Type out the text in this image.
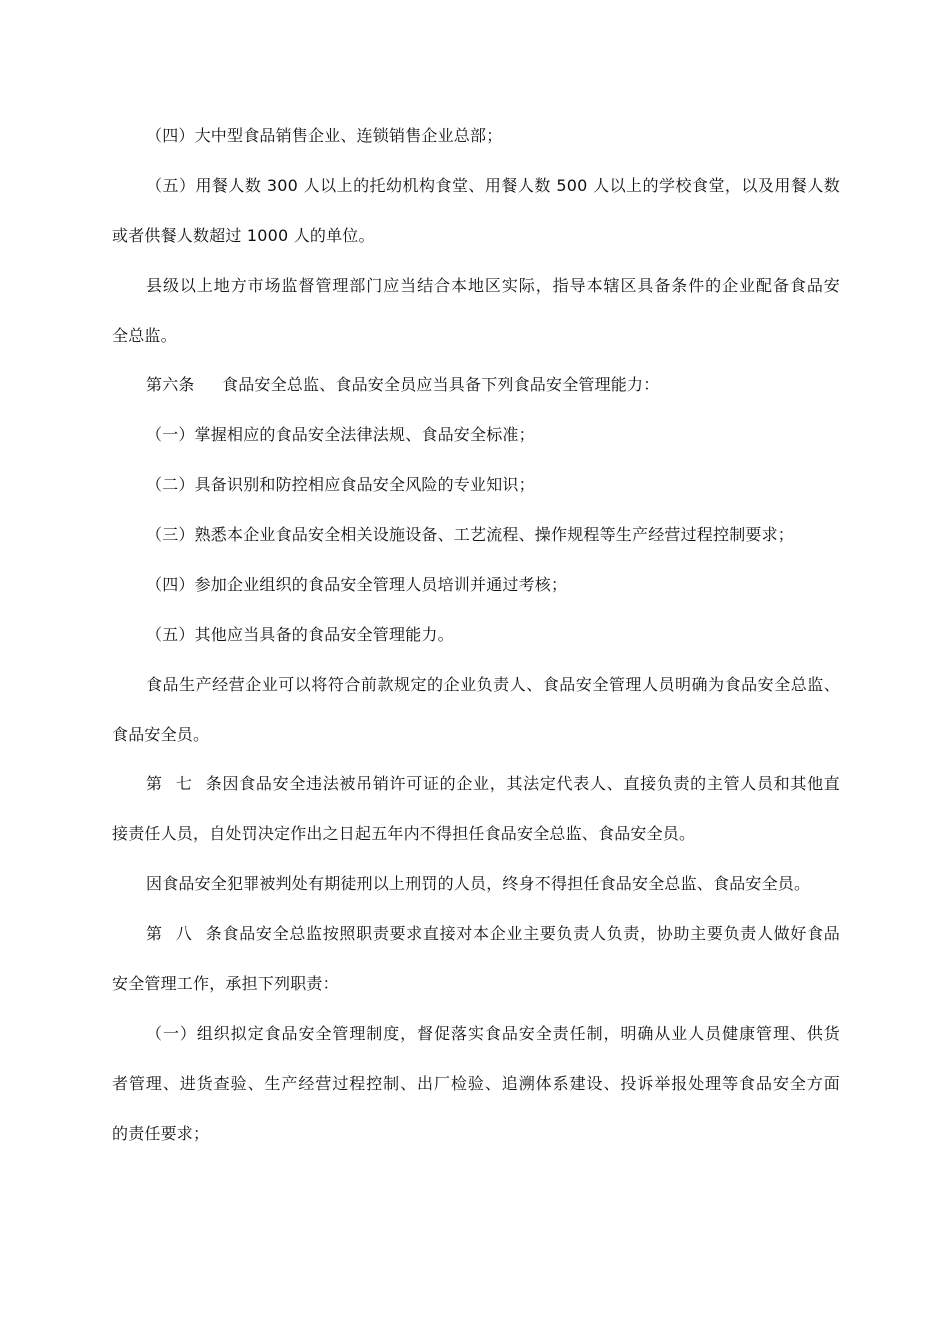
（四）大中型食品销售企业、连锁销售企业总部；
（五）用餐人数 300 人以上的托幼机构食堂、用餐人数 500 人以上的学校食堂，以及用餐人数
或者供餐人数超过 1000 人的单位。
县级以上地方市场监督管理部门应当结合本地区实际，指导本辖区具备条件的企业配备食品安
全总监。
第六条 食品安全总监、食品安全员应当具备下列食品安全管理能力：
（一）掌握相应的食品安全法律法规、食品安全标准；
（二）具备识别和防控相应食品安全风险的专业知识；
（三）熟悉本企业食品安全相关设施设备、工艺流程、操作规程等生产经营过程控制要求；
（四）参加企业组织的食品安全管理人员培训并通过考核；
（五）其他应当具备的食品安全管理能力。
食品生产经营企业可以将符合前款规定的企业负责人、食品安全管理人员明确为食品安全总监、
食品安全员。
第七条因食品安全违法被吊销许可证的企业，其法定代表人、直接负责的主管人员和其他直
接责任人员，自处罚决定作出之日起五年内不得担任食品安全总监、食品安全员。
因食品安全犯罪被判处有期徒刑以上刑罚的人员，终身不得担任食品安全总监、食品安全员。
第八条食品安全总监按照职责要求直接对本企业主要负责人负责，协助主要负责人做好食品
安全管理工作，承担下列职责：
（一）组织拟定食品安全管理制度，督促落实食品安全责任制，明确从业人员健康管理、供货
者管理、进货查验、生产经营过程控制、出厂检验、追溯体系建设、投诉举报处理等食品安全方面
的责任要求；
